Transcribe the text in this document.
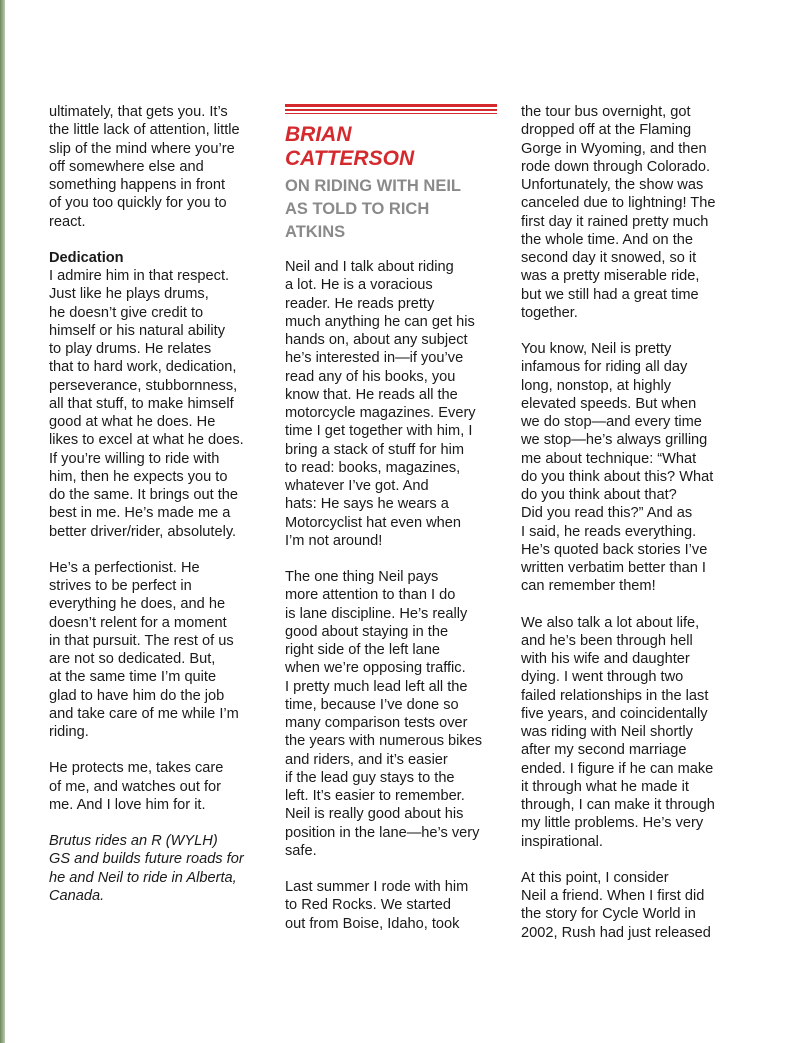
ultimately, that gets you. It’s
the little lack of attention, little
slip of the mind where you’re
off somewhere else and
something happens in front
of you too quickly for you to
react.

Dedication

I admire him in that respect.
Just like he plays drums,
he doesn’t give credit to
himself or his natural ability
to play drums. He relates
that to hard work, dedication,
perseverance, stubbornness,
all that stuff, to make himself
good at what he does. He
likes to excel at what he does.
If you’re willing to ride with
him, then he expects you to
do the same. It brings out the
best in me. He’s made me a
better driver/rider, absolutely.

He’s a perfectionist. He
strives to be perfect in
everything he does, and he
doesn’t relent for a moment
in that pursuit. The rest of us
are not so dedicated. But,
at the same time I’m quite
glad to have him do the job
and take care of me while I’m
riding.

He protects me, takes care
of me, and watches out for
me. And I love him for it.

Brutus rides an R (WYLH)
GS and builds future roads for
he and Neil to ride in Alberta,
Canada.

BRIAN
CATTERSON
ON RIDING WITH NEIL
AS TOLD TO RICH
ATKINS

Neil and I talk about riding
a lot. He is a voracious
reader. He reads pretty
much anything he can get his
hands on, about any subject
he’s interested in—if you’ve
read any of his books, you
know that. He reads all the
motorcycle magazines. Every
time I get together with him, I
bring a stack of stuff for him
to read: books, magazines,
whatever I’ve got. And
hats: He says he wears a
Motorcyclist hat even when
I’m not around!

The one thing Neil pays
more attention to than I do
is lane discipline. He’s really
good about staying in the
right side of the left lane
when we’re opposing traffic.
I pretty much lead left all the
time, because I’ve done so
many comparison tests over
the years with numerous bikes
and riders, and it’s easier
if the lead guy stays to the
left. It’s easier to remember.
Neil is really good about his
position in the lane—he’s very
safe.

Last summer I rode with him
to Red Rocks. We started
out from Boise, Idaho, took

the tour bus overnight, got
dropped off at the Flaming
Gorge in Wyoming, and then
rode down through Colorado.
Unfortunately, the show was
canceled due to lightning! The
first day it rained pretty much
the whole time. And on the
second day it snowed, so it
was a pretty miserable ride,
but we still had a great time
together.

You know, Neil is pretty
infamous for riding all day
long, nonstop, at highly
elevated speeds. But when
we do stop—and every time
we stop—he’s always grilling
me about technique: “What
do you think about this? What
do you think about that?
Did you read this?” And as
I said, he reads everything.
He’s quoted back stories I’ve
written verbatim better than I
can remember them!

We also talk a lot about life,
and he’s been through hell
with his wife and daughter
dying. I went through two
failed relationships in the last
five years, and coincidentally
was riding with Neil shortly
after my second marriage
ended. I figure if he can make
it through what he made it
through, I can make it through
my little problems. He’s very
inspirational.

At this point, I consider
Neil a friend. When I first did
the story for Cycle World in
2002, Rush had just released
